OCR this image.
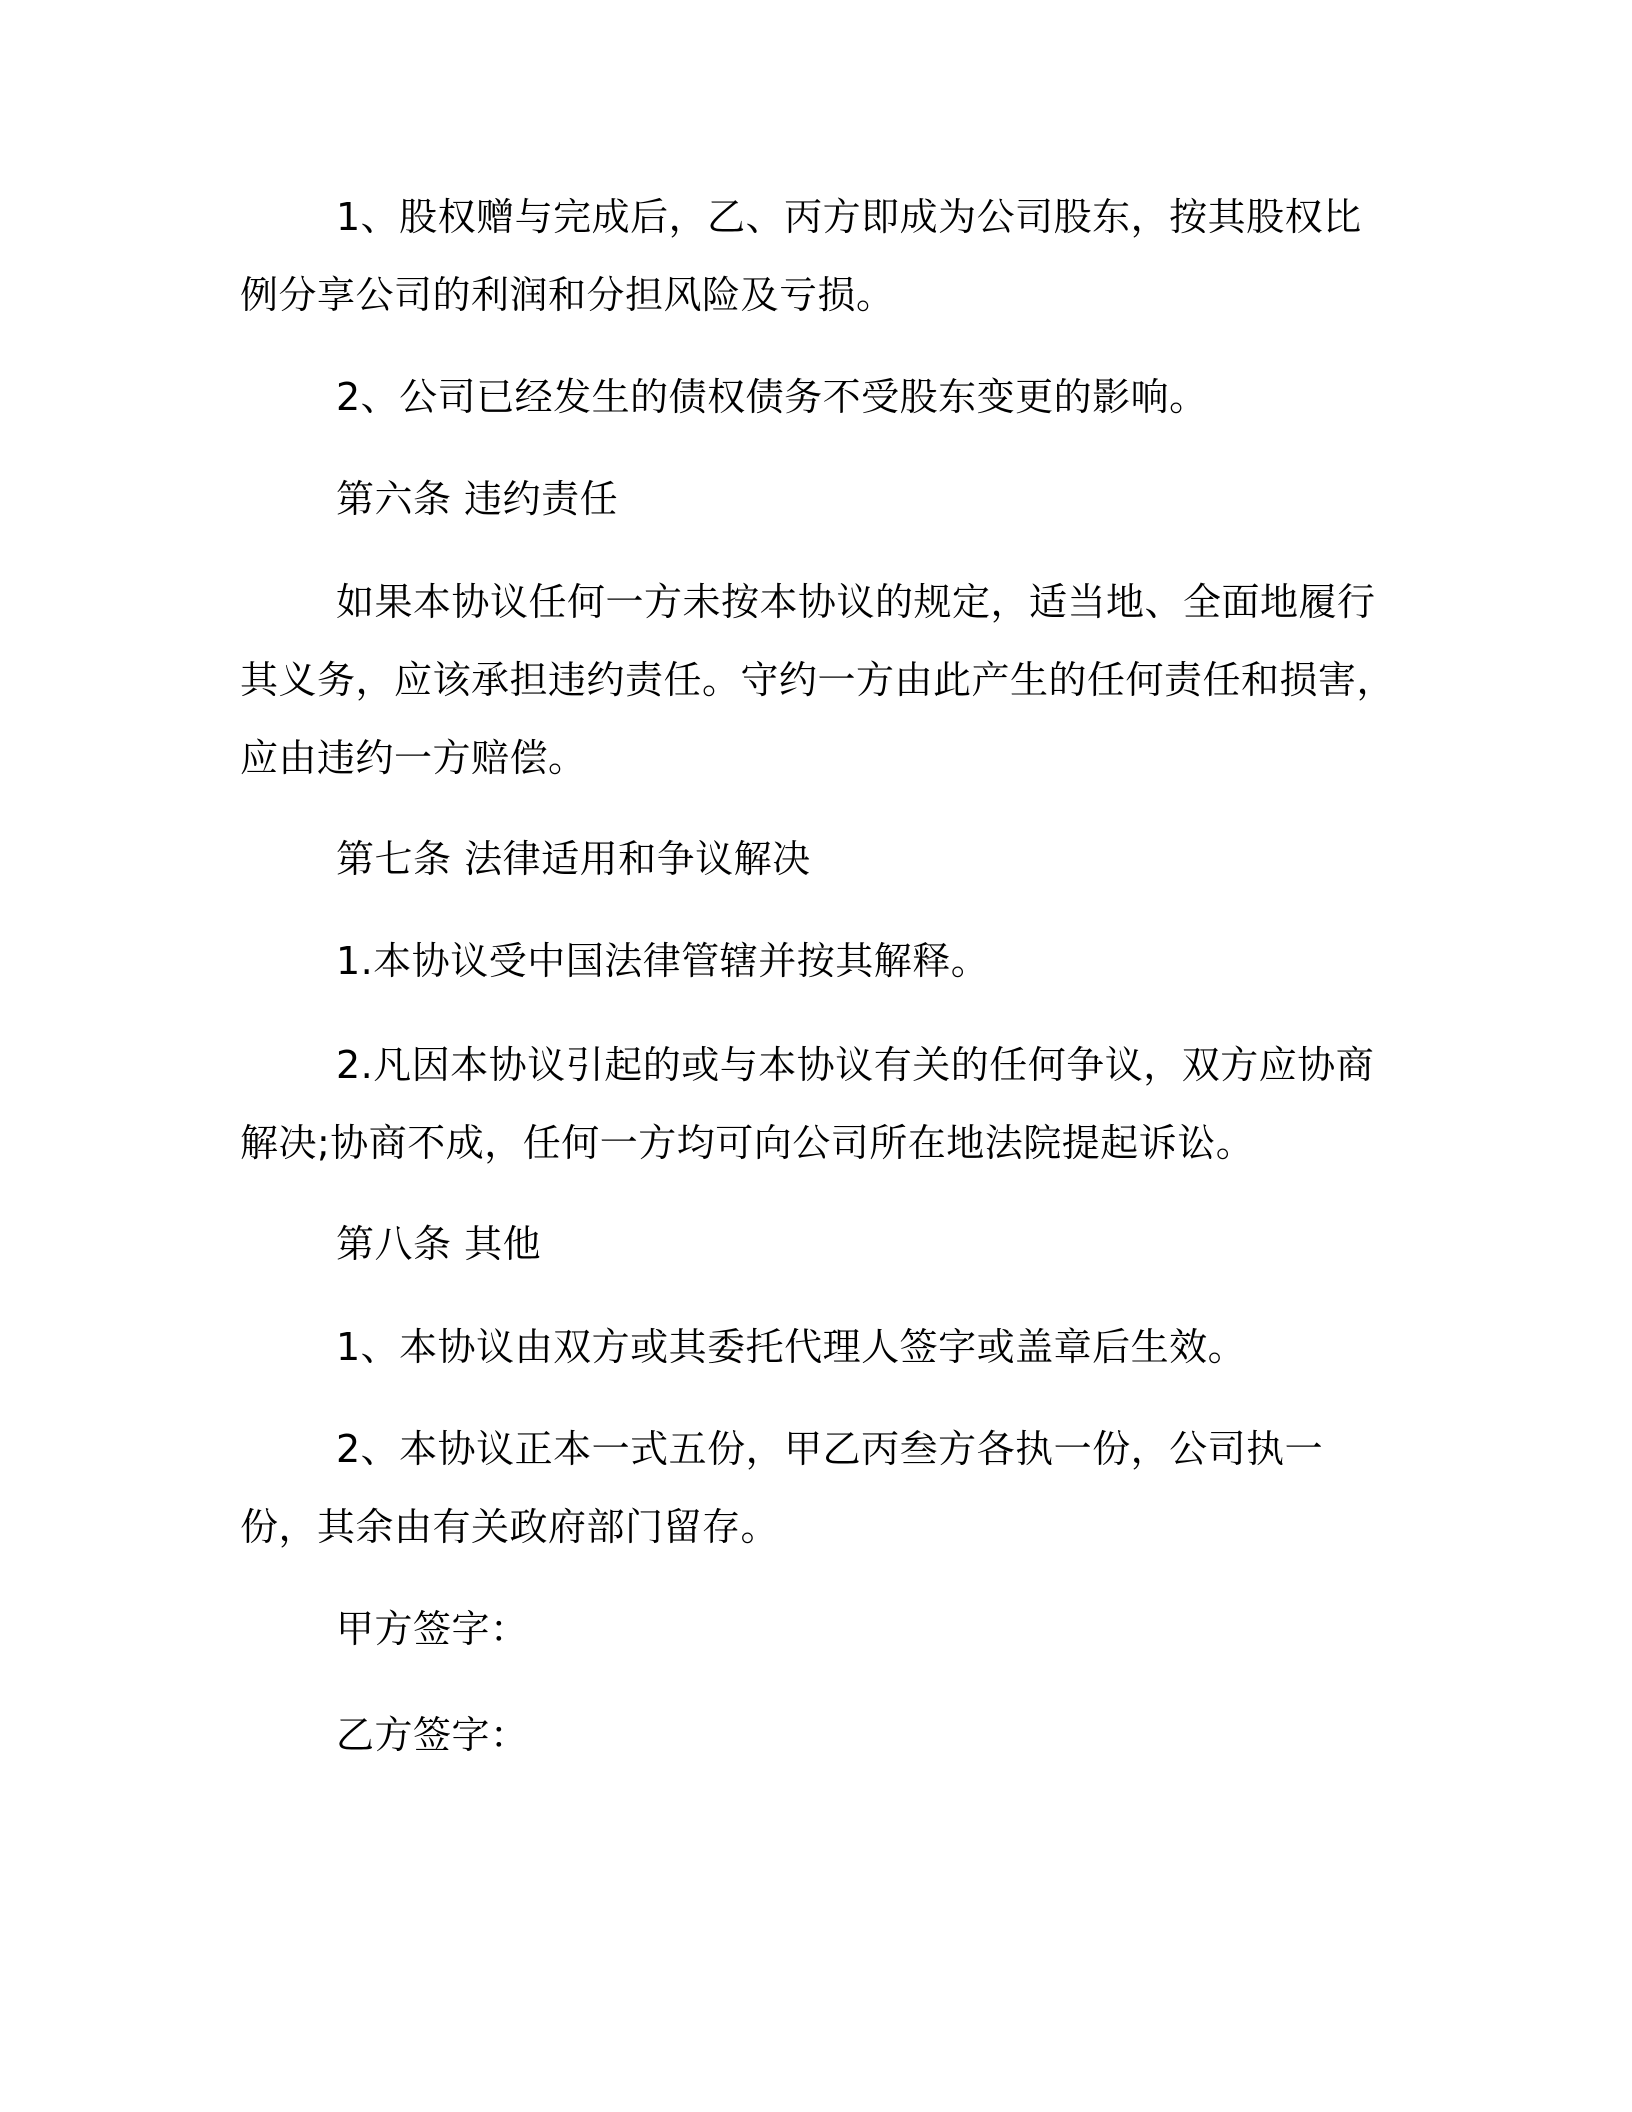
1、股权赠与完成后，乙、丙方即成为公司股东，按其股权比例分享公司的利润和分担风险及亏损。

2、公司已经发生的债权债务不受股东变更的影响。

第六条 违约责任

如果本协议任何一方未按本协议的规定，适当地、全面地履行其义务，应该承担违约责任。守约一方由此产生的任何责任和损害，应由违约一方赔偿。

第七条 法律适用和争议解决

1.本协议受中国法律管辖并按其解释。

2.凡因本协议引起的或与本协议有关的任何争议，双方应协商解决;协商不成，任何一方均可向公司所在地法院提起诉讼。

第八条 其他

1、本协议由双方或其委托代理人签字或盖章后生效。

2、本协议正本一式五份，甲乙丙叁方各执一份，公司执一份，其余由有关政府部门留存。

甲方签字：

乙方签字：
